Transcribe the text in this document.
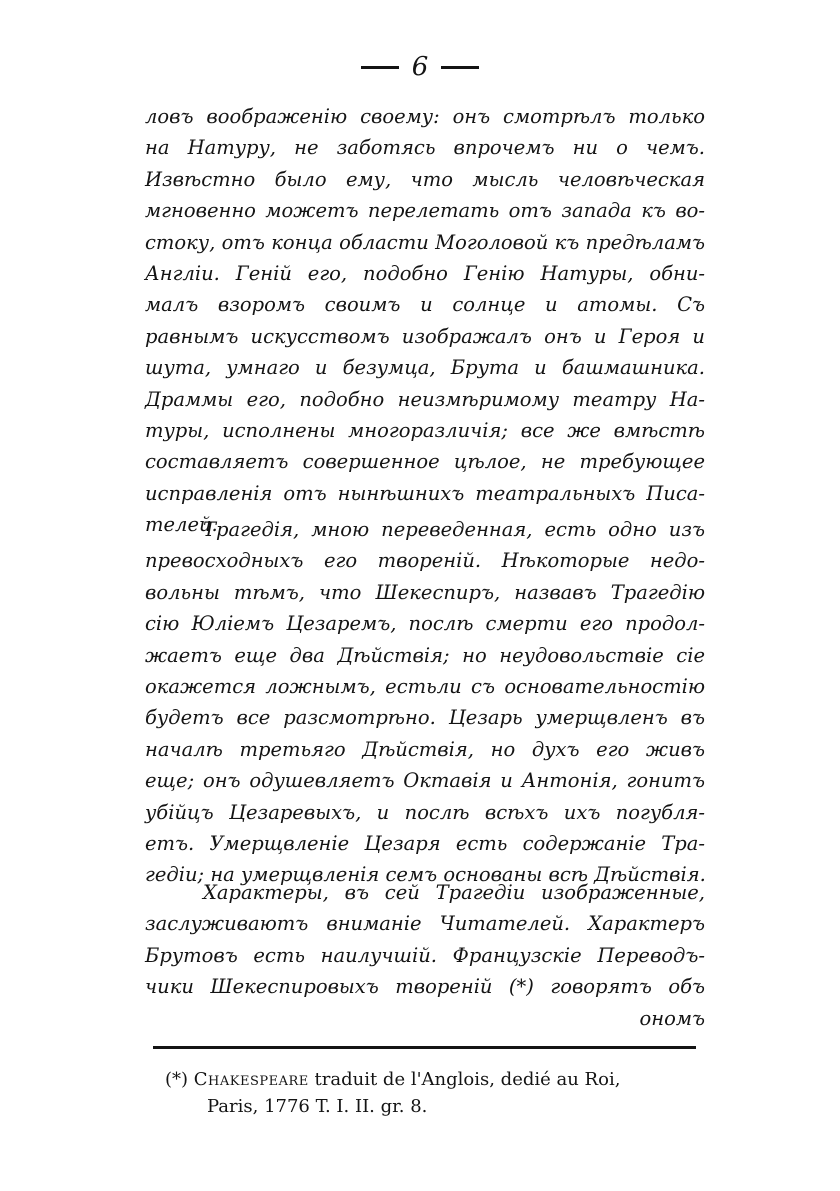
6
ловъ воображенію своему: онъ смотрѣлъ только
на Натуру, не заботясь впрочемъ ни о чемъ.
Извѣстно было ему, что мысль человѣческая
мгновенно можетъ перелетать отъ запада къ во-
стоку, отъ конца области Моголовой къ предѣламъ
Англіи. Геній его, подобно Генію Натуры, обни-
малъ взоромъ своимъ и солнце и атомы. Съ
равнымъ искусствомъ изображалъ онъ и Героя и
шута, умнаго и безумца, Брута и башмашника.
Драммы его, подобно неизмѣримому театру На-
туры, исполнены многоразличія; все же вмѣстѣ
составляетъ совершенное цѣлое, не требующее
исправленія отъ нынѣшнихъ театральныхъ Писа-
телей.
Трагедія, мною переведенная, есть одно изъ
превосходныхъ его твореній. Нѣкоторые недо-
вольны тѣмъ, что Шекеспиръ, назвавъ Трагедію
сію Юліемъ Цезаремъ, послѣ смерти его продол-
жаетъ еще два Дѣйствія; но неудовольствіе сіе
окажется ложнымъ, естьли съ основательностію
будетъ все разсмотрѣно. Цезарь умерщвленъ въ
началѣ третьяго Дѣйствія, но духъ его живъ
еще; онъ одушевляетъ Октавія и Антонія, гонитъ
убійцъ Цезаревыхъ, и послѣ всѣхъ ихъ погубля-
етъ. Умерщвленіе Цезаря есть содержаніе Тра-
гедіи; на умерщвленія семъ основаны всѣ Дѣйствія.
Характеры, въ сей Трагедіи изображенные,
заслуживаютъ вниманіе Читателей. Характеръ
Брутовъ есть наилучшій. Французскіе Переводъ-
чики Шекеспировыхъ твореній (*) говорятъ объ
ономъ
(*) Chakespeare traduit de l'Anglois, dedié au Roi,
Paris, 1776 T. I. II. gr. 8.
